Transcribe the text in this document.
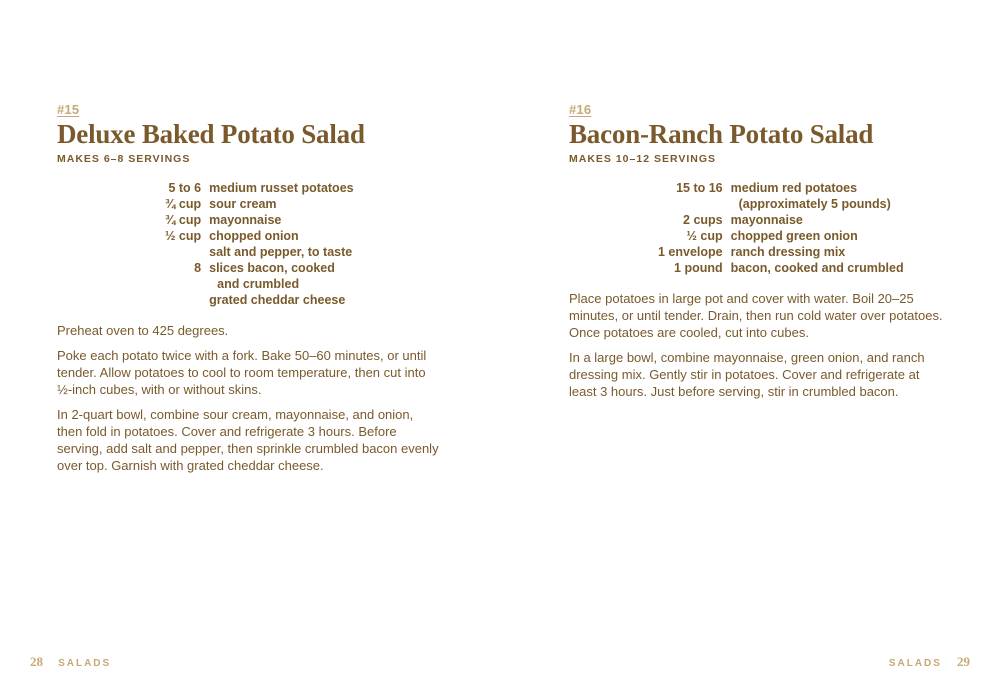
#15
Deluxe Baked Potato Salad
MAKES 6–8 SERVINGS
5 to 6	medium russet potatoes
¾ cup	sour cream
¾ cup	mayonnaise
½ cup	chopped onion
	salt and pepper, to taste
8	slices bacon, cooked
and crumbled

	grated cheddar cheese

Preheat oven to 425 degrees.

Poke each potato twice with a fork. Bake 50–60 minutes, or until tender. Allow potatoes to cool to room temperature, then cut into ½-inch cubes, with or without skins.

In 2-quart bowl, combine sour cream, mayonnaise, and onion, then fold in potatoes. Cover and refrigerate 3 hours. Before serving, add salt and pepper, then sprinkle crumbled bacon evenly over top. Garnish with grated cheddar cheese.

28 SALADS
#16
Bacon-Ranch Potato Salad
MAKES 10–12 SERVINGS
15 to 16	medium red potatoes
(approximately 5 pounds)

2 cups	mayonnaise
½ cup	chopped green onion
1 envelope	ranch dressing mix
1 pound	bacon, cooked and crumbled

Place potatoes in large pot and cover with water. Boil 20–25 minutes, or until tender. Drain, then run cold water over potatoes. Once potatoes are cooled, cut into cubes.

In a large bowl, combine mayonnaise, green onion, and ranch dressing mix. Gently stir in potatoes. Cover and refrigerate at least 3 hours. Just before serving, stir in crumbled bacon.

SALADS 29
